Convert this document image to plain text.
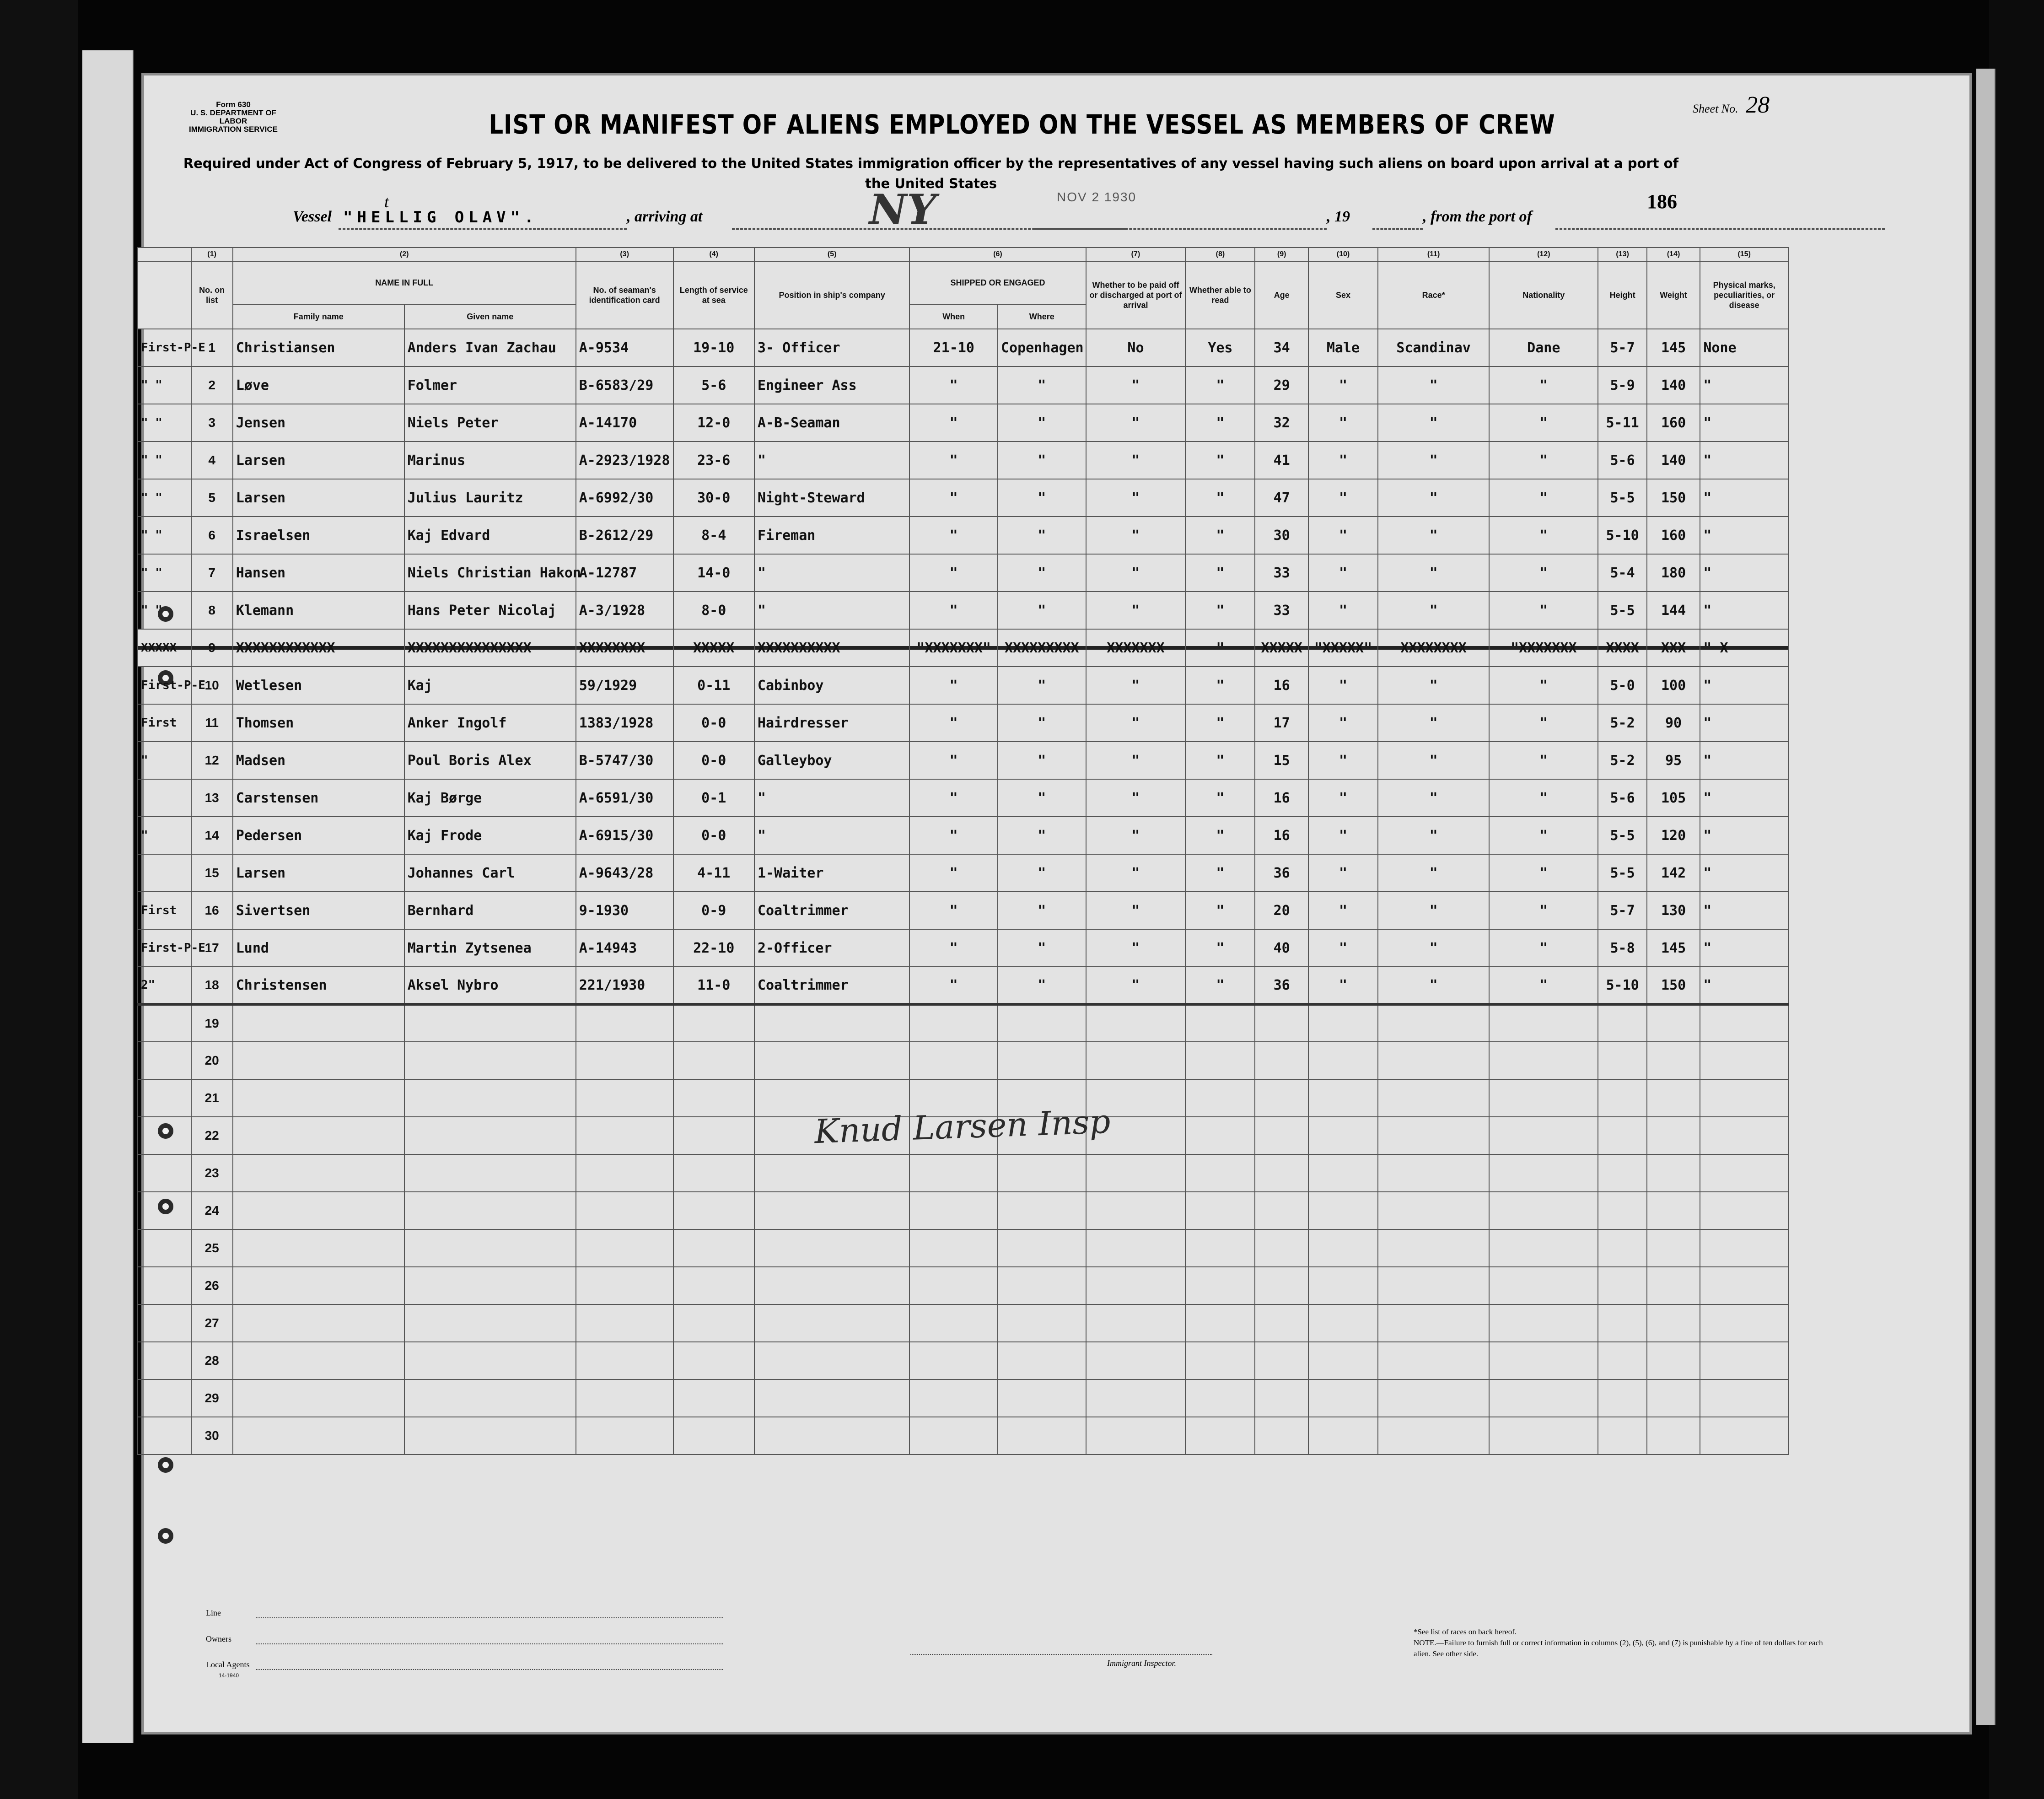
Form 630
U. S. DEPARTMENT OF LABOR
IMMIGRATION SERVICE
t
Sheet No. 28
LIST OR MANIFEST OF ALIENS EMPLOYED ON THE VESSEL AS MEMBERS OF CREW
Required under Act of Congress of February 5, 1917, to be delivered to the United States immigration officer by the representatives of any vessel having such aliens on board upon arrival at a port of the United States
186
Vessel "HELLIG OLAV".	, arriving at	NY	NOV 2 1930
, 19	, from the port of
	(1)	(2)		(3)	(4)	(5)	(6)		(7)	(8)	(9)	(10)	(11)	(12)	(13)	(14)	(15)
	No. on list	NAME IN FULL		No. of seaman's identification card	Length of service at sea	Position in ship's company	SHIPPED OR ENGAGED		Whether to be paid off or discharged at port of arrival	Whether able to read	Age	Sex	Race*	Nationality	Height	Weight	Physical marks, peculiarities, or disease
		Family name	Given name				When	Where									
First-P-E	1	Christiansen	Anders Ivan Zachau	A-9534	19-10	3- Officer	21-10	Copenhagen	No	Yes	34	Male	Scandinav	Dane	5-7	145	None
" "	2	Løve	Folmer	B-6583/29	5-6	Engineer Ass	"	"	"	"	29	"	"	"	5-9	140	"
" "	3	Jensen	Niels Peter	A-14170	12-0	A-B-Seaman	"	"	"	"	32	"	"	"	5-11	160	"
" "	4	Larsen	Marinus	A-2923/1928	23-6	"	"	"	"	"	41	"	"	"	5-6	140	"
" "	5	Larsen	Julius Lauritz	A-6992/30	30-0	Night-Steward	"	"	"	"	47	"	"	"	5-5	150	"
" "	6	Israelsen	Kaj Edvard	B-2612/29	8-4	Fireman	"	"	"	"	30	"	"	"	5-10	160	"
" "	7	Hansen	Niels Christian Hakon	A-12787	14-0	"	"	"	"	"	33	"	"	"	5-4	180	"
" "	8	Klemann	Hans Peter Nicolaj	A-3/1928	8-0	"	"	"	"	"	33	"	"	"	5-5	144	"
XXXXX	9	XXXXXXXXXXXX	XXXXXXXXXXXXXXX	XXXXXXXX	XXXXX	XXXXXXXXXX	"XXXXXXX"	XXXXXXXXX	XXXXXXX	"	XXXXX	"XXXXX"	XXXXXXXX	"XXXXXXX	XXXX	XXX	" X
First-P-E	10	Wetlesen	Kaj	59/1929	0-11	Cabinboy	"	"	"	"	16	"	"	"	5-0	100	"
First	11	Thomsen	Anker Ingolf	1383/1928	0-0	Hairdresser	"	"	"	"	17	"	"	"	5-2	90	"
"	12	Madsen	Poul Boris Alex	B-5747/30	0-0	Galleyboy	"	"	"	"	15	"	"	"	5-2	95	"
	13	Carstensen	Kaj Børge	A-6591/30	0-1	"	"	"	"	"	16	"	"	"	5-6	105	"
"	14	Pedersen	Kaj Frode	A-6915/30	0-0	"	"	"	"	"	16	"	"	"	5-5	120	"
	15	Larsen	Johannes Carl	A-9643/28	4-11	1-Waiter	"	"	"	"	36	"	"	"	5-5	142	"
First	16	Sivertsen	Bernhard	9-1930	0-9	Coaltrimmer	"	"	"	"	20	"	"	"	5-7	130	"
First-P-E	17	Lund	Martin Zytsenea	A-14943	22-10	2-Officer	"	"	"	"	40	"	"	"	5-8	145	"
2"	18	Christensen	Aksel Nybro	221/1930	11-0	Coaltrimmer	"	"	"	"	36	"	"	"	5-10	150	"
	19																
	20																
	21																
	22																
	23																
	24																
	25																
	26																
	27																
	28																
	29																
	30																
Knud Larsen Insp
Line
Owners
Local Agents
14-1940
Immigrant Inspector.
*See list of races on back hereof.
NOTE.—Failure to furnish full or correct information in columns (2), (5), (6), and (7) is punishable by a fine of ten dollars for each alien. See other side.
